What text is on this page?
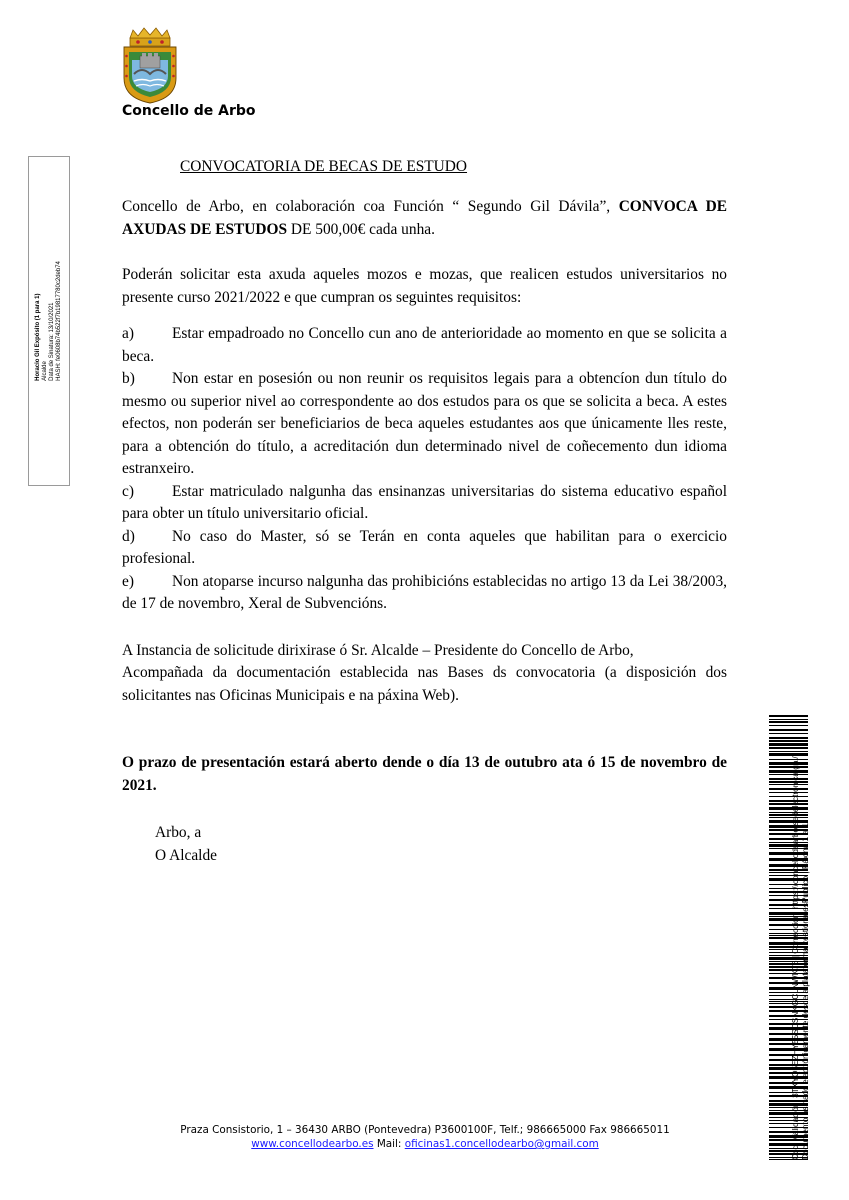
Concello de Arbo
Horacio Gil Expósito (1 para 1) Alcalde Data de Sinatura: 13/10/2021 HASH: fe0608b74b522f7b19817780c2deb74
CONVOCATORIA DE BECAS DE ESTUDO
Concello de Arbo, en colaboración coa Función “ Segundo Gil Dávila”, CONVOCA DE AXUDAS DE ESTUDOS DE 500,00€ cada unha.
Poderán solicitar esta axuda aqueles mozos e mozas, que realicen estudos universitarios no presente curso 2021/2022 e que cumpran os seguintes requisitos:
a) Estar empadroado no Concello cun ano de anterioridade ao momento en que se solicita a beca.
b) Non estar en posesión ou non reunir os requisitos legais para a obtencíon dun título do mesmo ou superior nivel ao correspondente ao dos estudos para os que se solicita a beca. A estes efectos, non poderán ser beneficiarios de beca aqueles estudantes aos que únicamente lles reste, para a obtención do título, a acreditación dun determinado nivel de coñecemento dun idioma estranxeiro.
c) Estar matriculado nalgunha das ensinanzas universitarias do sistema educativo español para obter un título universitario oficial.
d) No caso do Master, só se Terán en conta aqueles que habilitan para o exercicio profesional.
e) Non atoparse incurso nalgunha das prohibicións establecidas no artigo 13 da Lei 38/2003, de 17 de novembro, Xeral de Subvencións.
A Instancia de solicitude dirixirase ó Sr. Alcalde – Presidente do Concello de Arbo,
Acompañada da documentación establecida nas Bases ds convocatoria (a disposición dos solicitantes nas Oficinas Municipais e na páxina Web).
O prazo de presentación estará aberto dende o día 13 de outubro ata ó 15 de novembro de 2021.
Arbo, a
O Alcalde
Praza Consistorio, 1 – 36430 ARBO (Pontevedra) P3600100F, Telf.; 986665000 Fax 986665011
www.concellodearbo.es Mail: oficinas1.concellodearbo@gmail.com	Cod. Validación: 3TXYQ5EZHY55SDSNKGCLNWK76 | Corrección: https://concellodearbo.sedelectronica.gal/ Documento asinado electrónicamente desde a plataforma xestiona esPublico | Páxina 1 a 1
